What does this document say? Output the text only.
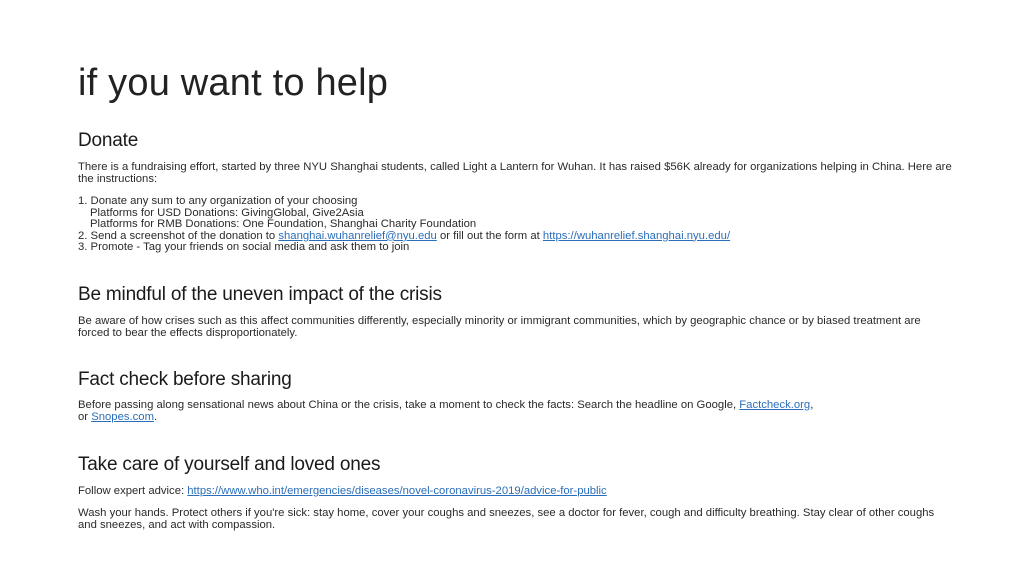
if you want to help
Donate
There is a fundraising effort, started by three NYU Shanghai students, called Light a Lantern for Wuhan. It has raised $56K already for organizations helping in China. Here are the instructions:
1. Donate any sum to any organization of your choosing
Platforms for USD Donations: GivingGlobal, Give2Asia
Platforms for RMB Donations: One Foundation, Shanghai Charity Foundation
2. Send a screenshot of the donation to shanghai.wuhanrelief@nyu.edu or fill out the form at https://wuhanrelief.shanghai.nyu.edu/
3. Promote - Tag your friends on social media and ask them to join
Be mindful of the uneven impact of the crisis
Be aware of how crises such as this affect communities differently, especially minority or immigrant communities, which by geographic chance or by biased treatment are forced to bear the effects disproportionately.
Fact check before sharing
Before passing along sensational news about China or the crisis, take a moment to check the facts: Search the headline on Google, Factcheck.org,
or Snopes.com.
Take care of yourself and loved ones
Follow expert advice: https://www.who.int/emergencies/diseases/novel-coronavirus-2019/advice-for-public
Wash your hands. Protect others if you're sick: stay home, cover your coughs and sneezes, see a doctor for fever, cough and difficulty breathing. Stay clear of other coughs and sneezes, and act with compassion.
